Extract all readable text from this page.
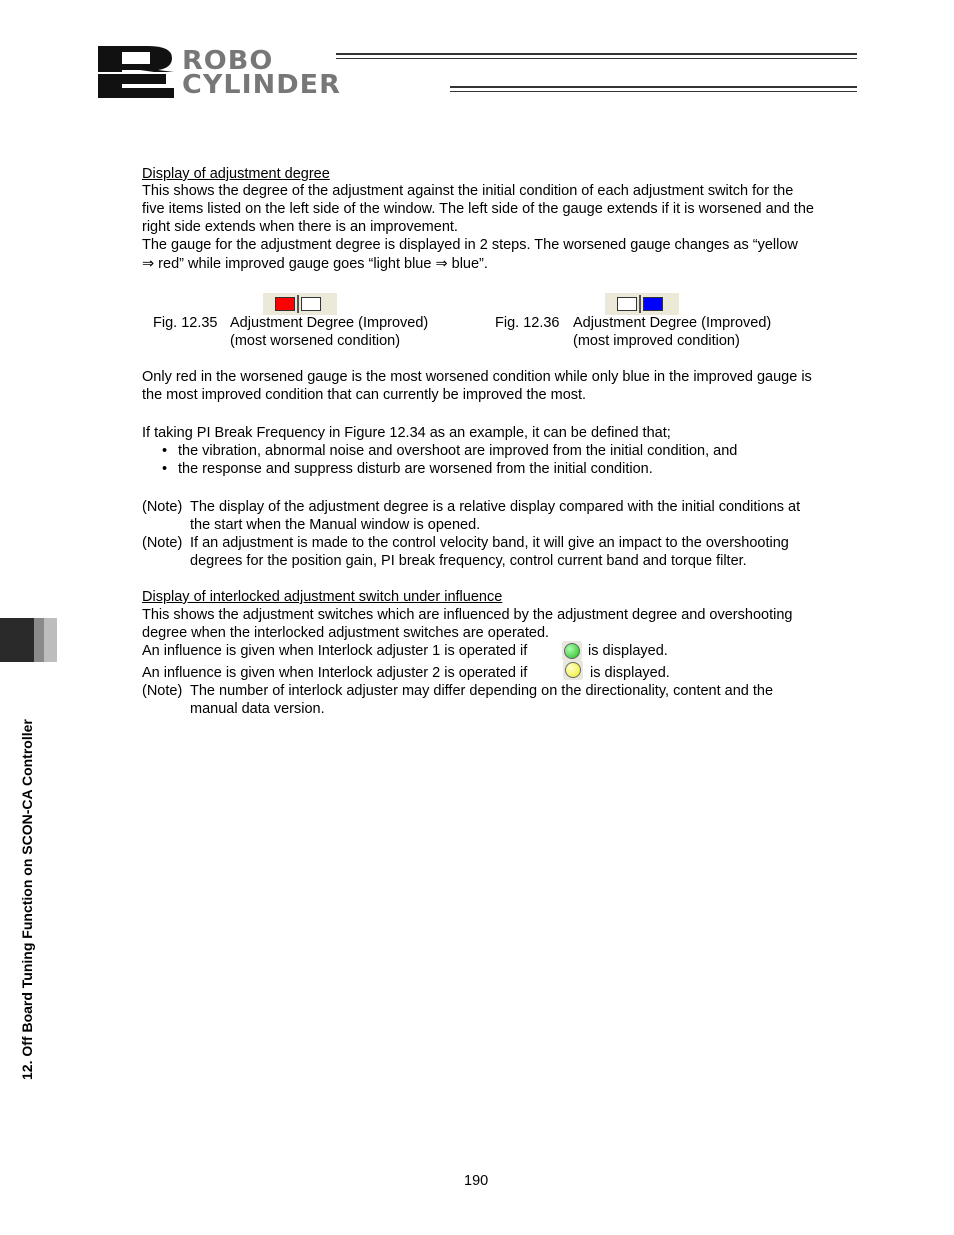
ROBO
CYLINDER
12. Off Board Tuning Function on SCON-CA Controller
Display of adjustment degree
This shows the degree of the adjustment against the initial condition of each adjustment switch for the
five items listed on the left side of the window. The left side of the gauge extends if it is worsened and the
right side extends when there is an improvement.
The gauge for the adjustment degree is displayed in 2 steps. The worsened gauge changes as “yellow
⇒ red” while improved gauge goes “light blue ⇒ blue”.
Fig. 12.35 Adjustment Degree (Improved)
(most worsened condition)
Fig. 12.36 Adjustment Degree (Improved)
(most improved condition)
Only red in the worsened gauge is the most worsened condition while only blue in the improved gauge is
the most improved condition that can currently be improved the most.
If taking PI Break Frequency in Figure 12.34 as an example, it can be defined that;
• the vibration, abnormal noise and overshoot are improved from the initial condition, and
• the response and suppress disturb are worsened from the initial condition.
(Note) The display of the adjustment degree is a relative display compared with the initial conditions at
the start when the Manual window is opened.
(Note) If an adjustment is made to the control velocity band, it will give an impact to the overshooting
degrees for the position gain, PI break frequency, control current band and torque filter.
Display of interlocked adjustment switch under influence
This shows the adjustment switches which are influenced by the adjustment degree and overshooting
degree when the interlocked adjustment switches are operated.
An influence is given when Interlock adjuster 1 is operated if	is displayed.
An influence is given when Interlock adjuster 2 is operated if	is displayed.
(Note) The number of interlock adjuster may differ depending on the directionality, content and the
manual data version.
190
